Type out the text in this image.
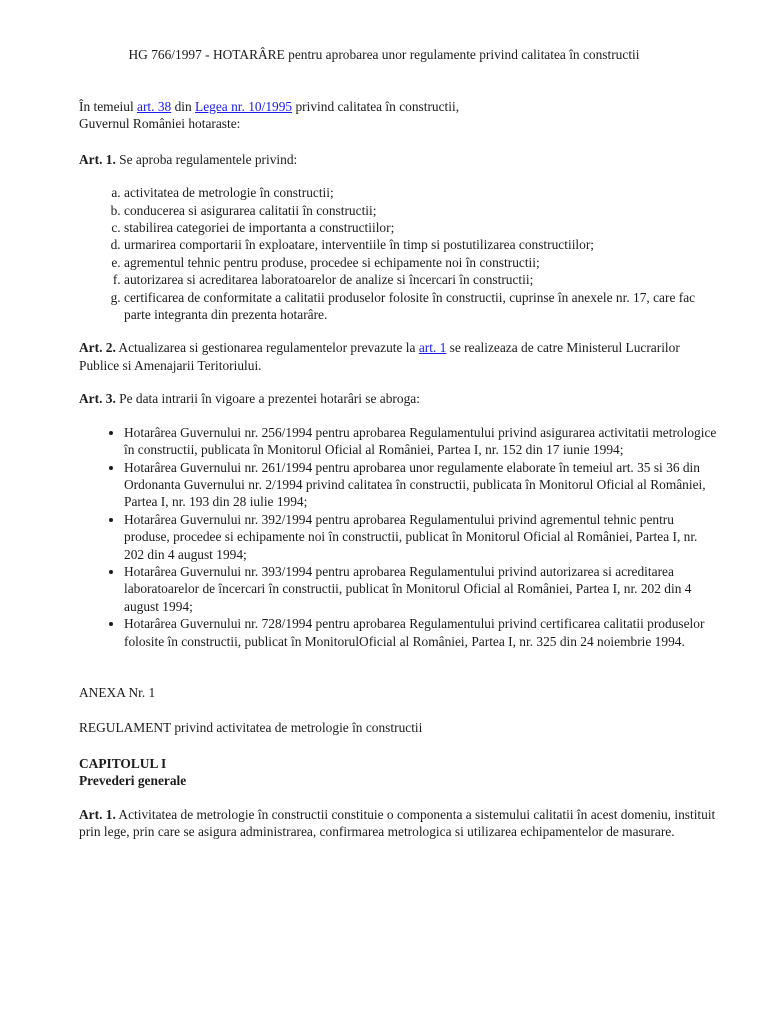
HG 766/1997 - HOTARÂRE pentru aprobarea unor regulamente privind calitatea în constructii

În temeiul art. 38 din Legea nr. 10/1995 privind calitatea în constructii,
Guvernul României hotaraste:

Art. 1. Se aproba regulamentele privind:

a. activitatea de metrologie în constructii;
b. conducerea si asigurarea calitatii în constructii;
c. stabilirea categoriei de importanta a constructiilor;
d. urmarirea comportarii în exploatare, interventiile în timp si postutilizarea constructiilor;
e. agrementul tehnic pentru produse, procedee si echipamente noi în constructii;
f. autorizarea si acreditarea laboratoarelor de analize si încercari în constructii;
g. certificarea de conformitate a calitatii produselor folosite în constructii, cuprinse în anexele nr. 17, care fac parte integranta din prezenta hotarâre.

Art. 2. Actualizarea si gestionarea regulamentelor prevazute la art. 1 se realizeaza de catre Ministerul Lucrarilor Publice si Amenajarii Teritoriului.

Art. 3. Pe data intrarii în vigoare a prezentei hotarâri se abroga:

• Hotarârea Guvernului nr. 256/1994 pentru aprobarea Regulamentului privind asigurarea activitatii metrologice în constructii, publicata în Monitorul Oficial al României, Partea I, nr. 152 din 17 iunie 1994;
• Hotarârea Guvernului nr. 261/1994 pentru aprobarea unor regulamente elaborate în temeiul art. 35 si 36 din Ordonanta Guvernului nr. 2/1994 privind calitatea în constructii, publicata în Monitorul Oficial al României, Partea I, nr. 193 din 28 iulie 1994;
• Hotarârea Guvernului nr. 392/1994 pentru aprobarea Regulamentului privind agrementul tehnic pentru produse, procedee si echipamente noi în constructii, publicat în Monitorul Oficial al României, Partea I, nr. 202 din 4 august 1994;
• Hotarârea Guvernului nr. 393/1994 pentru aprobarea Regulamentului privind autorizarea si acreditarea laboratoarelor de încercari în constructii, publicat în Monitorul Oficial al României, Partea I, nr. 202 din 4 august 1994;
• Hotarârea Guvernului nr. 728/1994 pentru aprobarea Regulamentului privind certificarea calitatii produselor folosite în constructii, publicat în MonitorulOficial al României, Partea I, nr. 325 din 24 noiembrie 1994.

ANEXA Nr. 1

REGULAMENT privind activitatea de metrologie în constructii

CAPITOLUL I

Prevederi generale

Art. 1. Activitatea de metrologie în constructii constituie o componenta a sistemului calitatii în acest domeniu, instituit prin lege, prin care se asigura administrarea, confirmarea metrologica si utilizarea echipamentelor de masurare.
